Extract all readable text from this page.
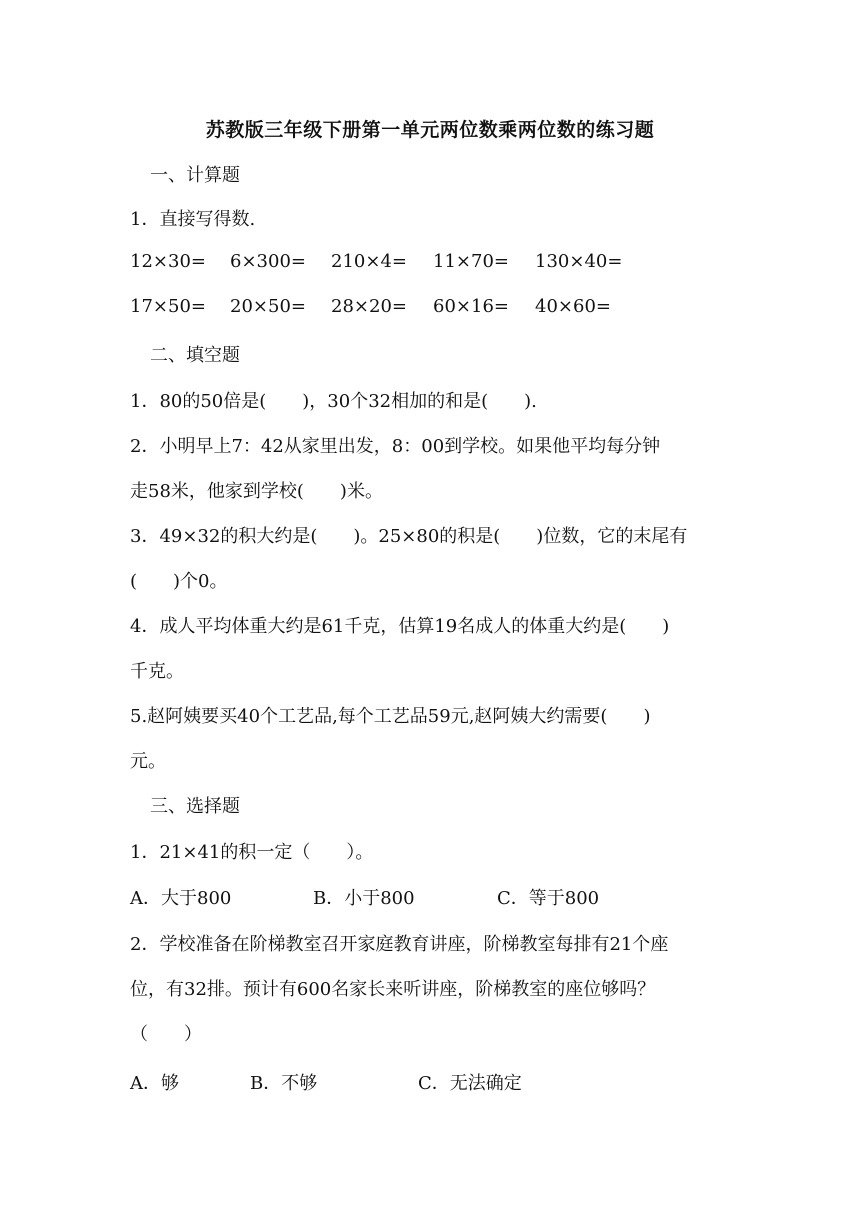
苏教版三年级下册第一单元两位数乘两位数的练习题
一、计算题
1．直接写得数.
12×30= 6×300= 210×4= 11×70= 130×40=
17×50= 20×50= 28×20= 60×16= 40×60=
二、填空题
1．80的50倍是(　　)，30个32相加的和是(　　).
2．小明早上7：42从家里出发，8：00到学校。如果他平均每分钟
走58米，他家到学校(　　)米。
3．49×32的积大约是(　　)。25×80的积是(　　)位数，它的末尾有
(　　)个0。
4．成人平均体重大约是61千克，估算19名成人的体重大约是(　　)
千克。
5.赵阿姨要买40个工艺品,每个工艺品59元,赵阿姨大约需要(　　)
元。
三、选择题
1．21×41的积一定（　　）。
A．大于800	B．小于800	C．等于800
2．学校准备在阶梯教室召开家庭教育讲座，阶梯教室每排有21个座
位，有32排。预计有600名家长来听讲座，阶梯教室的座位够吗？
（　　）
A．够	B．不够	C．无法确定
